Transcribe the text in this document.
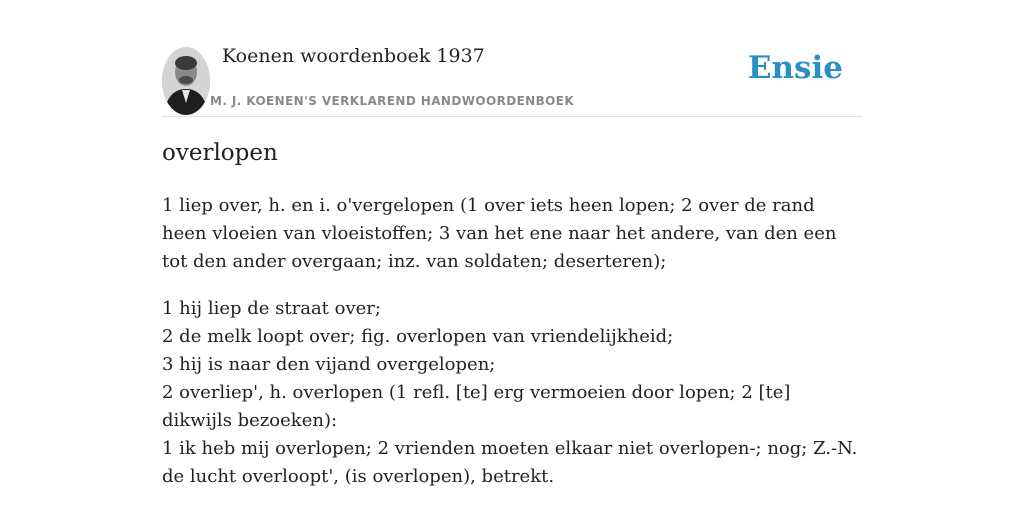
Koenen woordenboek 1937
M. J. KOENEN'S VERKLAREND HANDWOORDENBOEK
Ensie
overlopen

1 liep over, h. en i. o'vergelopen (1 over iets heen lopen; 2 over de rand heen vloeien van vloeistoffen; 3 van het ene naar het andere, van den een tot den ander overgaan; inz. van soldaten; deserteren);

1 hij liep de straat over;
2 de melk loopt over; fig. overlopen van vriendelijkheid;
3 hij is naar den vijand overgelopen;
2 overliep', h. overlopen (1 refl. [te] erg vermoeien door lopen; 2 [te] dikwijls bezoeken):
1 ik heb mij overlopen; 2 vrienden moeten elkaar niet overlopen-; nog; Z.-N. de lucht overloopt', (is overlopen), betrekt.
